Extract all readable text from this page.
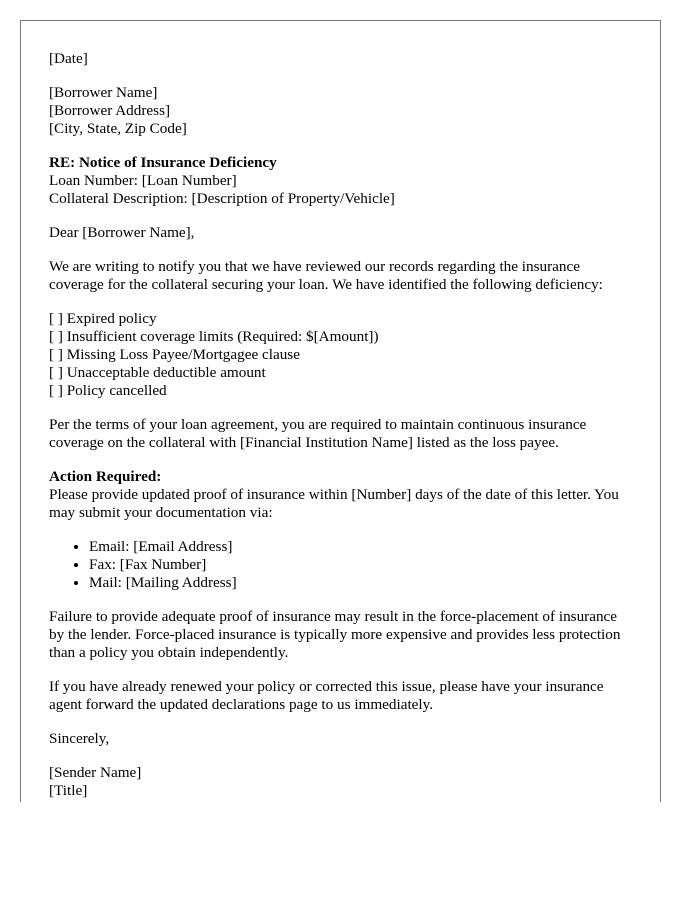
[Date]
[Borrower Name]
[Borrower Address]
[City, State, Zip Code]
RE: Notice of Insurance Deficiency
Loan Number: [Loan Number]
Collateral Description: [Description of Property/Vehicle]
Dear [Borrower Name],

We are writing to notify you that we have reviewed our records regarding the insurance coverage for the collateral securing your loan. We have identified the following deficiency:

[ ] Expired policy
[ ] Insufficient coverage limits (Required: $[Amount])
[ ] Missing Loss Payee/Mortgagee clause
[ ] Unacceptable deductible amount
[ ] Policy cancelled

Per the terms of your loan agreement, you are required to maintain continuous insurance coverage on the collateral with [Financial Institution Name] listed as the loss payee.

Action Required:

Please provide updated proof of insurance within [Number] days of the date of this letter. You may submit your documentation via:

• Email: [Email Address]
• Fax: [Fax Number]
• Mail: [Mailing Address]

Failure to provide adequate proof of insurance may result in the force-placement of insurance by the lender. Force-placed insurance is typically more expensive and provides less protection than a policy you obtain independently.

If you have already renewed your policy or corrected this issue, please have your insurance agent forward the updated declarations page to us immediately.

Sincerely,
[Sender Name]
[Title]
